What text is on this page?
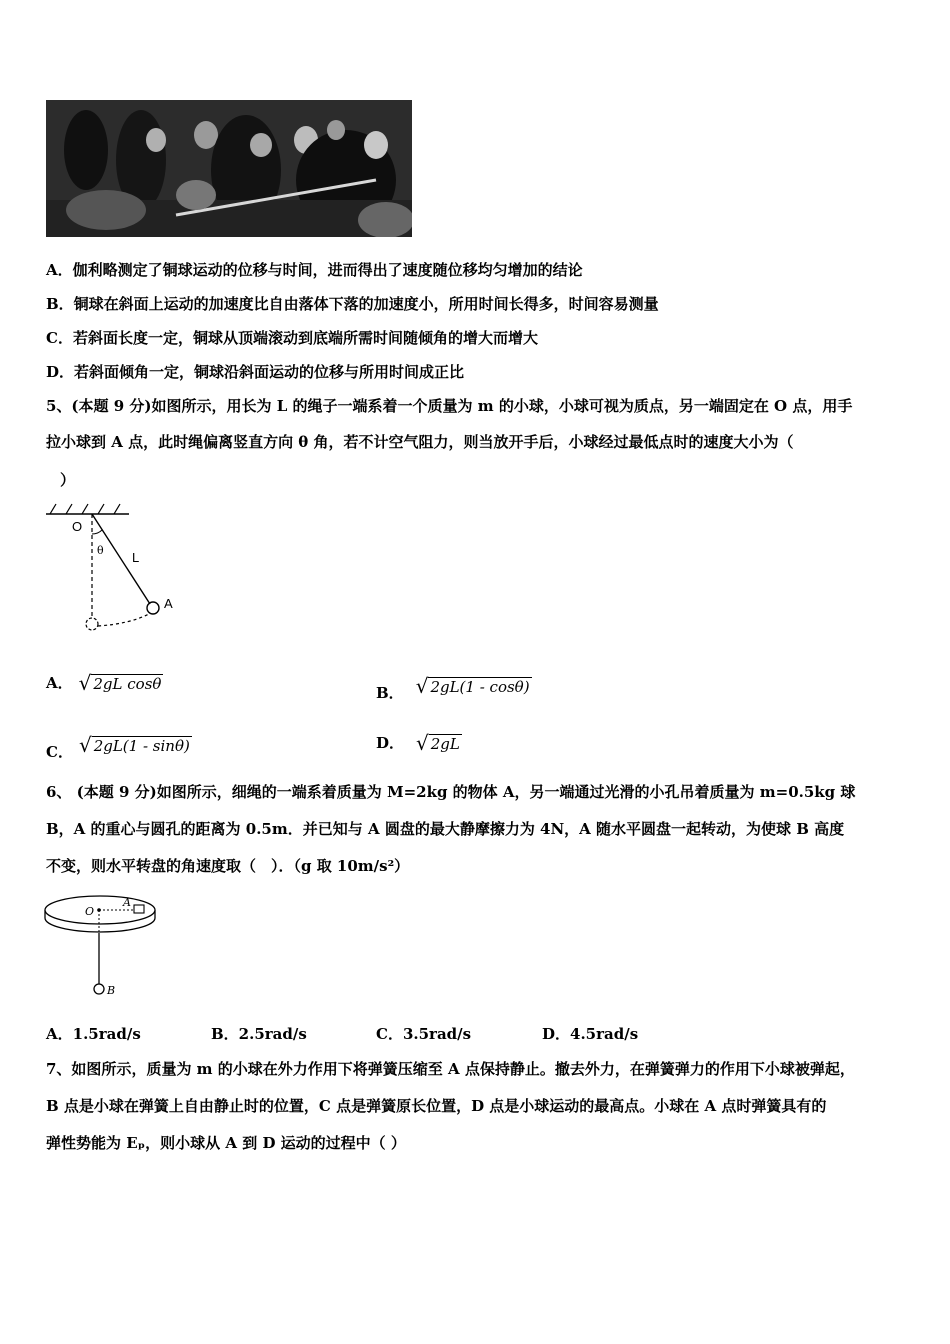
A．伽利略测定了铜球运动的位移与时间，进而得出了速度随位移均匀增加的结论
B．铜球在斜面上运动的加速度比自由落体下落的加速度小，所用时间长得多，时间容易测量
C．若斜面长度一定，铜球从顶端滚动到底端所需时间随倾角的增大而增大
D．若斜面倾角一定，铜球沿斜面运动的位移与所用时间成正比
5、(本题 9 分)如图所示，用长为 L 的绳子一端系着一个质量为 m 的小球，小球可视为质点，另一端固定在 O 点，用手
拉小球到 A 点，此时绳偏离竖直方向 θ 角，若不计空气阻力，则当放开手后，小球经过最低点时的速度大小为（
）
O
θ L
A
A． √ 2gL cosθ
B． √ 2gL(1 - cosθ)
C． √ 2gL(1 - sinθ)	D． √ 2gL
6、 (本题 9 分)如图所示，细绳的一端系着质量为 M=2kg 的物体 A，另一端通过光滑的小孔吊着质量为 m=0.5kg 球
B，A 的重心与圆孔的距离为 0.5m．并已知与 A 圆盘的最大静摩擦力为 4N，A 随水平圆盘一起转动，为使球 B 高度
不变，则水平转盘的角速度取（　）．（g 取 10m/s²）
O
A
B
A．1.5rad/s	B．2.5rad/s	C．3.5rad/s	D．4.5rad/s
7、如图所示，质量为 m 的小球在外力作用下将弹簧压缩至 A 点保持静止。撤去外力，在弹簧弹力的作用下小球被弹起，
B 点是小球在弹簧上自由静止时的位置，C 点是弹簧原长位置，D 点是小球运动的最高点。小球在 A 点时弹簧具有的
弹性势能为 Eₚ，则小球从 A 到 D 运动的过程中（ ）
